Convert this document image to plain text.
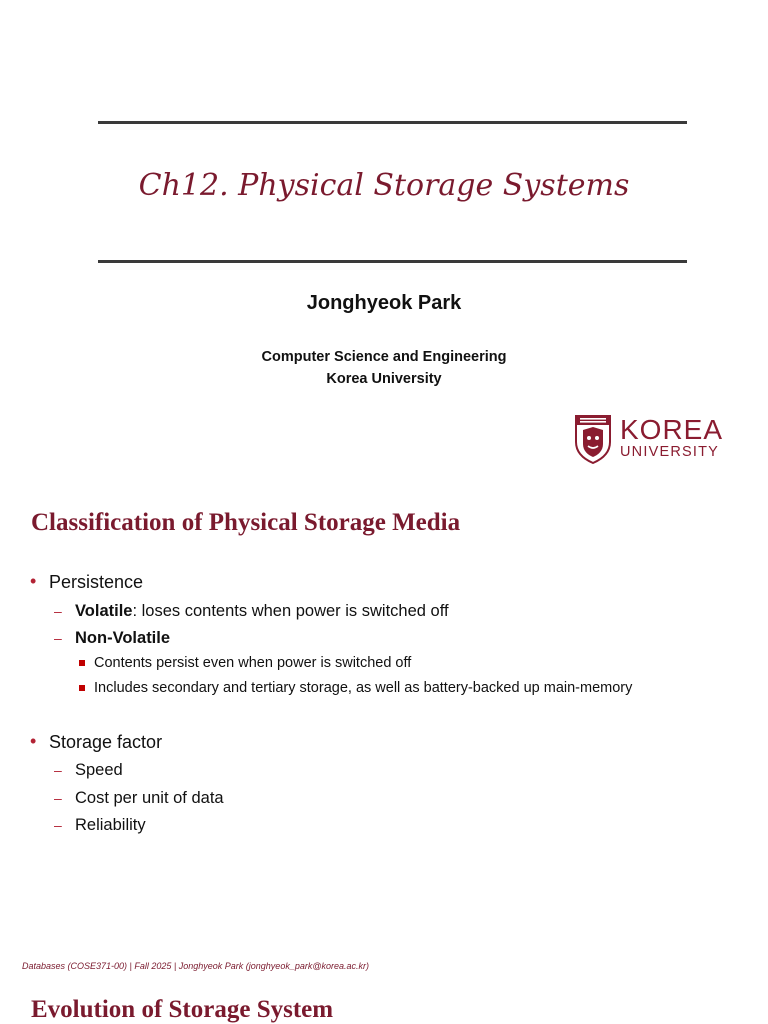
Ch12. Physical Storage Systems
Jonghyeok Park
Computer Science and Engineering
Korea University
KOREA
UNIVERSITY
Classification of Physical Storage Media
• Persistence
– Volatile: loses contents when power is switched off
– Non-Volatile
Contents persist even when power is switched off
Includes secondary and tertiary storage, as well as battery-backed up main-memory
• Storage factor
– Speed
– Cost per unit of data
– Reliability
Databases (COSE371-00) | Fall 2025 | Jonghyeok Park (jonghyeok_park@korea.ac.kr)
Evolution of Storage System
